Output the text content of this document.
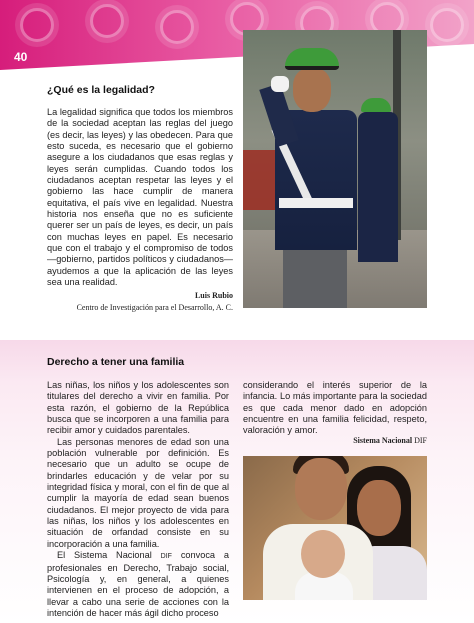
40
¿Qué es la legalidad?
La legalidad significa que todos los miembros de la sociedad aceptan las reglas del juego (es decir, las leyes) y las obedecen. Para que esto suceda, es necesario que el gobierno asegure a los ciudadanos que esas reglas y leyes serán cumplidas. Cuando todos los ciudadanos aceptan respetar las leyes y el gobierno las hace cumplir de manera equitativa, el país vive en legalidad. Nuestra historia nos enseña que no es suficiente querer ser un país de leyes, es decir, un país con muchas leyes en papel. Es necesario que con el trabajo y el compromiso de todos —gobierno, partidos políticos y ciudadanos— ayudemos a que la aplicación de las leyes sea una realidad.
Luis Rubio
Centro de Investigación para el Desarrollo, A. C.
Derecho a tener una familia

Las niñas, los niños y los adolescentes son titulares del derecho a vivir en familia. Por esta razón, el gobierno de la República busca que se incorporen a una familia para recibir amor y cuidados parentales.

Las personas menores de edad son una población vulnerable por definición. Es necesario que un adulto se ocupe de brindarles educación y de velar por su integridad física y moral, con el fin de que al cumplir la mayoría de edad sean buenos ciudadanos. El mejor proyecto de vida para las niñas, los niños y los adolescentes en situación de orfandad consiste en su incorporación a una familia.

El Sistema Nacional DIF convoca a profesionales en Derecho, Trabajo social, Psicología y, en general, a quienes intervienen en el proceso de adopción, a llevar a cabo una serie de acciones con la intención de hacer más ágil dicho proceso

considerando el interés superior de la infancia. Lo más importante para la sociedad es que cada menor dado en adopción encuentre en una familia felicidad, respeto, valoración y amor.
Sistema Nacional DIF
